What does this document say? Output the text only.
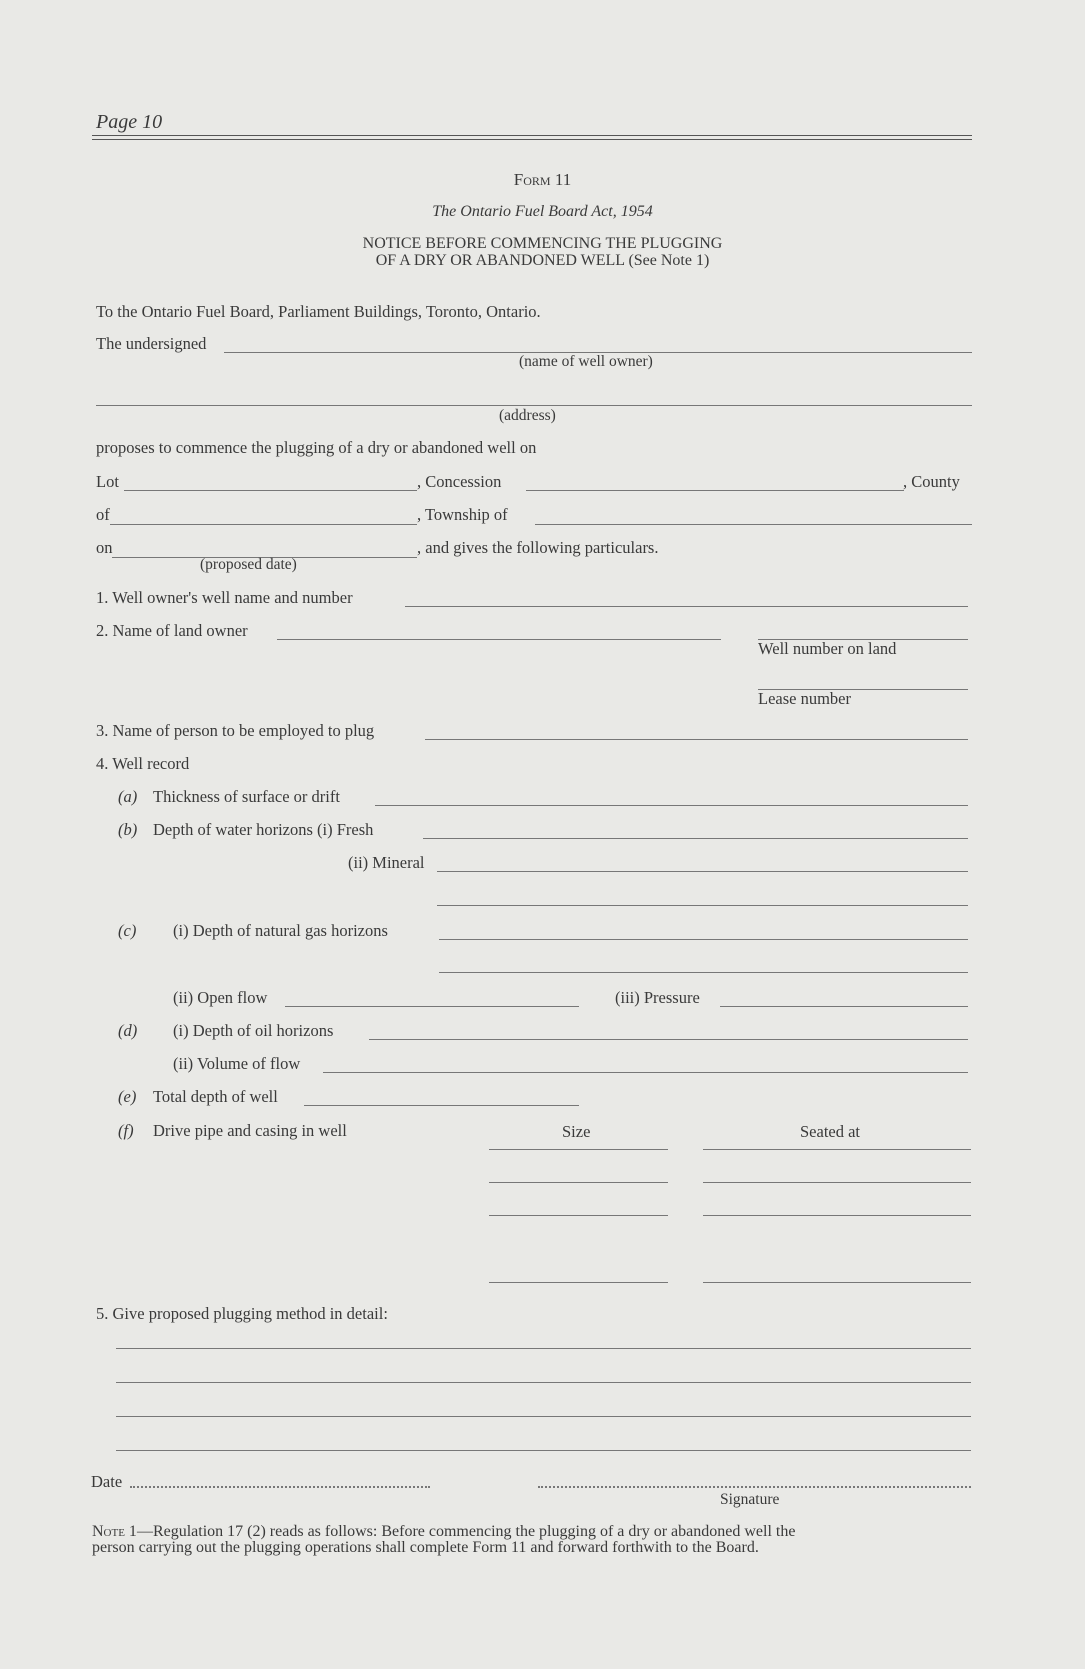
Page 10
Form 11
The Ontario Fuel Board Act, 1954
NOTICE BEFORE COMMENCING THE PLUGGING
OF A DRY OR ABANDONED WELL (See Note 1)
To the Ontario Fuel Board, Parliament Buildings, Toronto, Ontario.
The undersigned
(name of well owner)
(address)
proposes to commence the plugging of a dry or abandoned well on
Lot	, Concession	, County
of	, Township of
on	, and gives the following particulars.
(proposed date)
1. Well owner's well name and number
2. Name of land owner
Well number on land
Lease number
3. Name of person to be employed to plug
4. Well record
(a) Thickness of surface or drift
(b) Depth of water horizons (i) Fresh
(ii) Mineral
(c) (i) Depth of natural gas horizons
(ii) Open flow	(iii) Pressure
(d) (i) Depth of oil horizons
(ii) Volume of flow
(e) Total depth of well
(f) Drive pipe and casing in well	Size	Seated at
5. Give proposed plugging method in detail:
Date
Signature
Note 1—Regulation 17 (2) reads as follows: Before commencing the plugging of a dry or abandoned well the
person carrying out the plugging operations shall complete Form 11 and forward forthwith to the Board.
